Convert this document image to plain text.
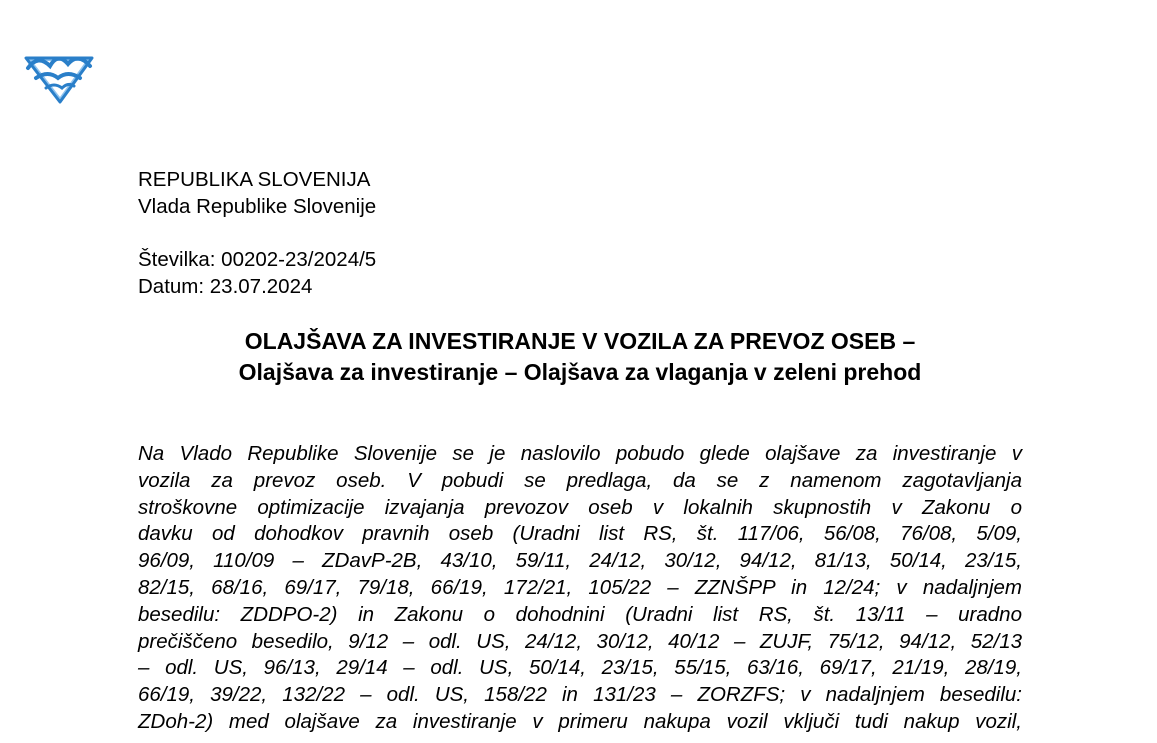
REPUBLIKA SLOVENIJA
Vlada Republike Slovenije
Številka: 00202-23/2024/5
Datum: 23.07.2024
OLAJŠAVA ZA INVESTIRANJE V VOZILA ZA PREVOZ OSEB –
Olajšava za investiranje – Olajšava za vlaganja v zeleni prehod
Na Vlado Republike Slovenije se je naslovilo pobudo glede olajšave za investiranje v
vozila za prevoz oseb. V pobudi se predlaga, da se z namenom zagotavljanja
stroškovne optimizacije izvajanja prevozov oseb v lokalnih skupnostih v Zakonu o
davku od dohodkov pravnih oseb (Uradni list RS, št. 117/06, 56/08, 76/08, 5/09,
96/09, 110/09 – ZDavP-2B, 43/10, 59/11, 24/12, 30/12, 94/12, 81/13, 50/14, 23/15,
82/15, 68/16, 69/17, 79/18, 66/19, 172/21, 105/22 – ZZNŠPP in 12/24; v nadaljnjem
besedilu: ZDDPO-2) in Zakonu o dohodnini (Uradni list RS, št. 13/11 – uradno
prečiščeno besedilo, 9/12 – odl. US, 24/12, 30/12, 40/12 – ZUJF, 75/12, 94/12, 52/13
– odl. US, 96/13, 29/14 – odl. US, 50/14, 23/15, 55/15, 63/16, 69/17, 21/19, 28/19,
66/19, 39/22, 132/22 – odl. US, 158/22 in 131/23 – ZORZFS; v nadaljnjem besedilu:
ZDoh-2) med olajšave za investiranje v primeru nakupa vozil vključi tudi nakup vozil,
